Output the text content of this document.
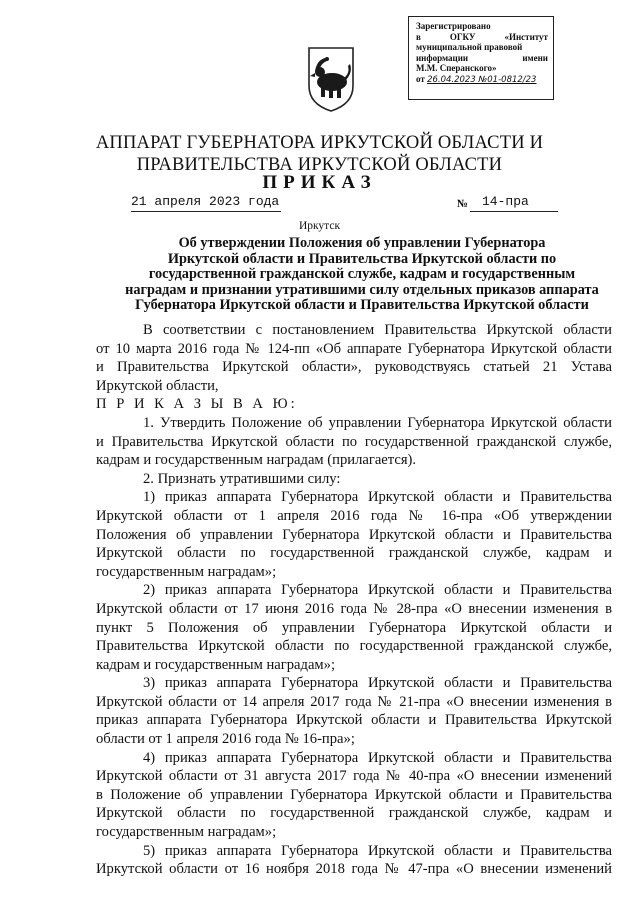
Зарегистрировано
в	ОГКУ	«Институт
муниципальной правовой
информации	имени
М.М. Сперанского»
от 26.04.2023 №01-0812/23
АППАРАТ ГУБЕРНАТОРА ИРКУТСКОЙ ОБЛАСТИ И
ПРАВИТЕЛЬСТВА ИРКУТСКОЙ ОБЛАСТИ
ПРИКАЗ
21 апреля 2023 года	№	14-пра
Иркутск
Об утверждении Положения об управлении Губернатора
Иркутской области и Правительства Иркутской области по
государственной гражданской службе, кадрам и государственным
наградам и признании утратившими силу отдельных приказов аппарата
Губернатора Иркутской области и Правительства Иркутской области
В соответствии с постановлением Правительства Иркутской области
от 10 марта 2016 года № 124-пп «Об аппарате Губернатора Иркутской области
и Правительства Иркутской области», руководствуясь статьей 21 Устава
Иркутской области,
П Р И К А З Ы В А Ю:
1. Утвердить Положение об управлении Губернатора Иркутской области
и Правительства Иркутской области по государственной гражданской службе,
кадрам и государственным наградам (прилагается).
2. Признать утратившими силу:
1) приказ аппарата Губернатора Иркутской области и Правительства
Иркутской области от 1 апреля 2016 года № 16-пра «Об утверждении
Положения об управлении Губернатора Иркутской области и Правительства
Иркутской области по государственной гражданской службе, кадрам и
государственным наградам»;
2) приказ аппарата Губернатора Иркутской области и Правительства
Иркутской области от 17 июня 2016 года № 28-пра «О внесении изменения в
пункт 5 Положения об управлении Губернатора Иркутской области и
Правительства Иркутской области по государственной гражданской службе,
кадрам и государственным наградам»;
3) приказ аппарата Губернатора Иркутской области и Правительства
Иркутской области от 14 апреля 2017 года № 21-пра «О внесении изменения в
приказ аппарата Губернатора Иркутской области и Правительства Иркутской
области от 1 апреля 2016 года № 16-пра»;
4) приказ аппарата Губернатора Иркутской области и Правительства
Иркутской области от 31 августа 2017 года № 40-пра «О внесении изменений
в Положение об управлении Губернатора Иркутской области и Правительства
Иркутской области по государственной гражданской службе, кадрам и
государственным наградам»;
5) приказ аппарата Губернатора Иркутской области и Правительства
Иркутской области от 16 ноября 2018 года № 47-пра «О внесении изменений
